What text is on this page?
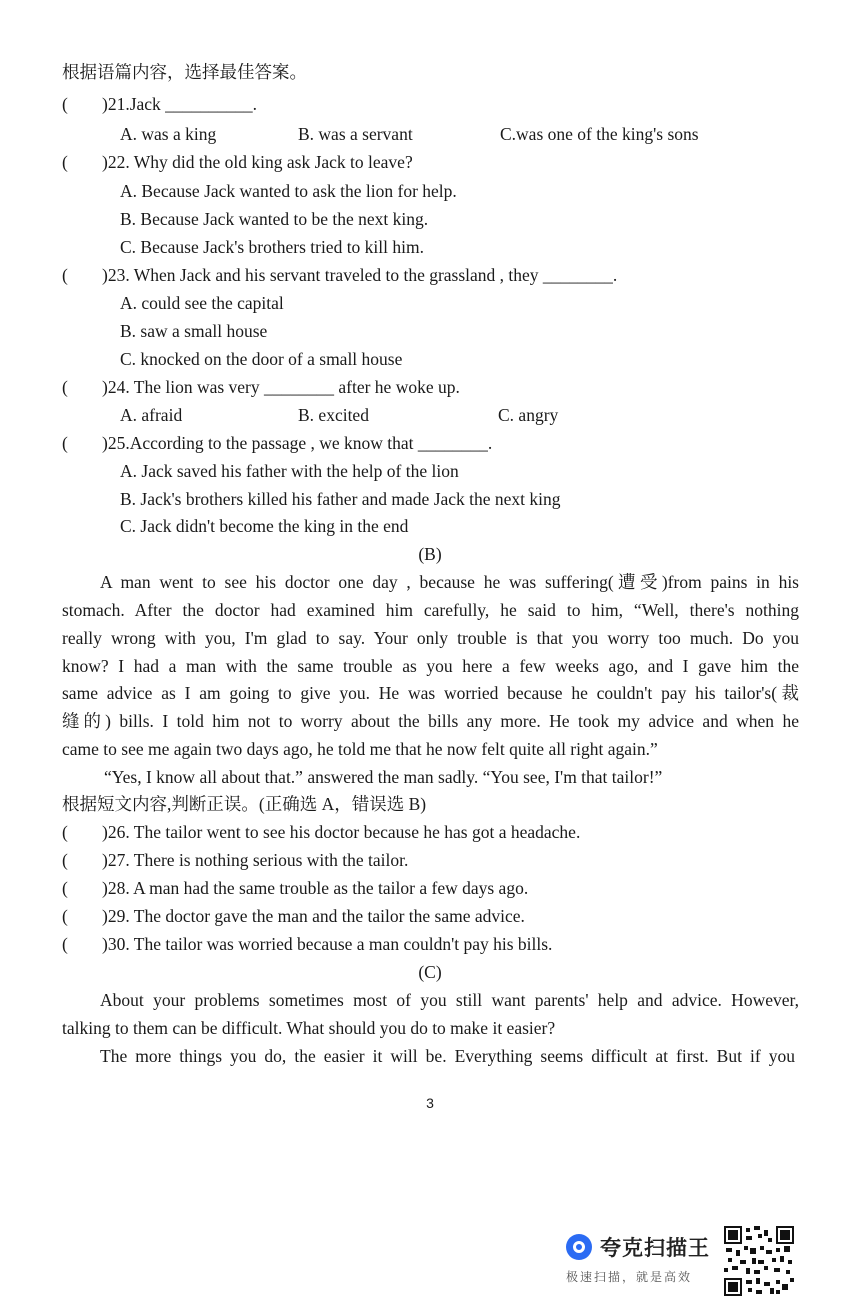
根据语篇内容，选择最佳答案。
( )21.Jack __________.
A. was a king	B. was a servant	C.was one of the king's sons
( )22. Why did the old king ask Jack to leave?
A. Because Jack wanted to ask the lion for help.
B. Because Jack wanted to be the next king.
C. Because Jack's brothers tried to kill him.
( )23. When Jack and his servant traveled to the grassland , they ________.
A. could see the capital
B. saw a small house
C. knocked on the door of a small house
( )24. The lion was very ________ after he woke up.
A. afraid	B. excited	C. angry
( )25.According to the passage , we know that ________.
A. Jack saved his father with the help of the lion
B. Jack's brothers killed his father and made Jack the next king
C. Jack didn't become the king in the end
(B)
A man went to see his doctor one day , because he was suffering(遭受)from pains in his
stomach. After the doctor had examined him carefully, he said to him, “Well, there's nothing
really wrong with you, I'm glad to say. Your only trouble is that you worry too much. Do you
know? I had a man with the same trouble as you here a few weeks ago, and I gave him the
same advice as I am going to give you. He was worried because he couldn't pay his tailor's(裁
缝的) bills. I told him not to worry about the bills any more. He took my advice and when he
came to see me again two days ago, he told me that he now felt quite all right again.”
“Yes, I know all about that.” answered the man sadly. “You see, I'm that tailor!”
根据短文内容,判断正误。(正确选 A，错误选 B)
( )26. The tailor went to see his doctor because he has got a headache.
( )27. There is nothing serious with the tailor.
( )28. A man had the same trouble as the tailor a few days ago.
( )29. The doctor gave the man and the tailor the same advice.
( )30. The tailor was worried because a man couldn't pay his bills.
(C)
About your problems sometimes most of you still want parents' help and advice. However,
talking to them can be difficult. What should you do to make it easier?
The more things you do, the easier it will be. Everything seems difficult at first. But if you
3
夸克扫描王
极速扫描，就是高效
